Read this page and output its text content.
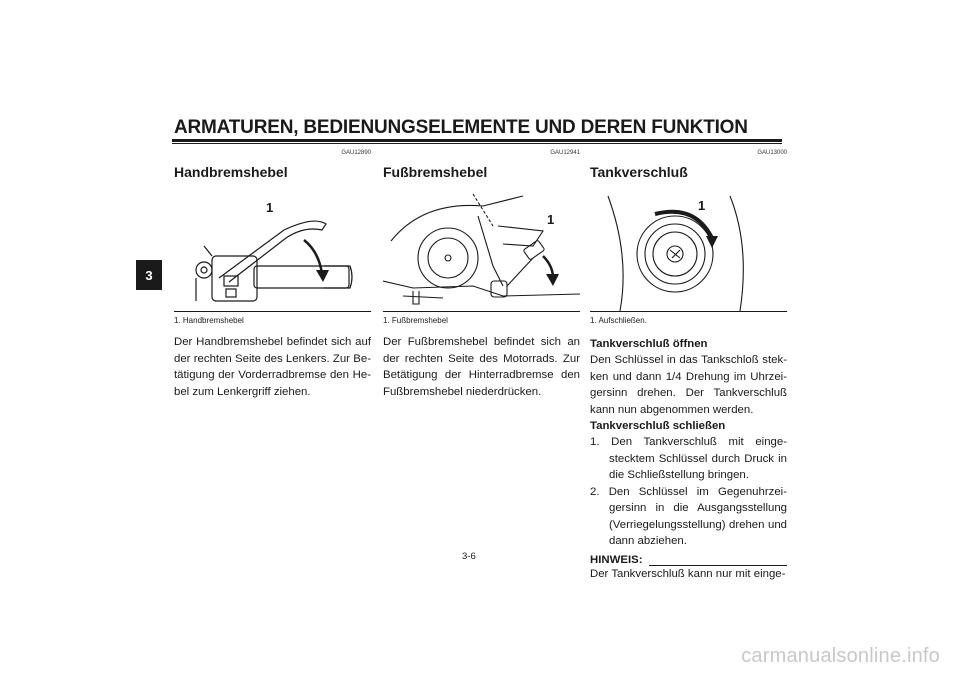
ARMATUREN, BEDIENUNGSELEMENTE UND DEREN FUNKTION
3
GAU12890
Handbremshebel
1
1. Handbremshebel
Der Handbremshebel befindet sich auf der rechten Seite des Lenkers. Zur Betätigung der Vorderradbremse den Hebel zum Lenkergriff ziehen.
GAU12941
Fußbremshebel
1
1. Fußbremshebel
Der Fußbremshebel befindet sich an der rechten Seite des Motorrads. Zur Betätigung der Hinterradbremse den Fußbremshebel niederdrücken.
GAU13000
Tankverschluß
1
1. Aufschließen.
Tankverschluß öffnen
Den Schlüssel in das Tankschloß stekken und dann 1/4 Drehung im Uhrzeigersinn drehen. Der Tankverschluß kann nun abgenommen werden.
Tankverschluß schließen
1. Den Tankverschluß mit eingestecktem Schlüssel durch Druck in die Schließstellung bringen.
2. Den Schlüssel im Gegenuhrzeigersinn in die Ausgangsstellung (Verriegelungsstellung) drehen und dann abziehen.
HINWEIS:
Der Tankverschluß kann nur mit einge-
3-6
carmanualsonline.info
